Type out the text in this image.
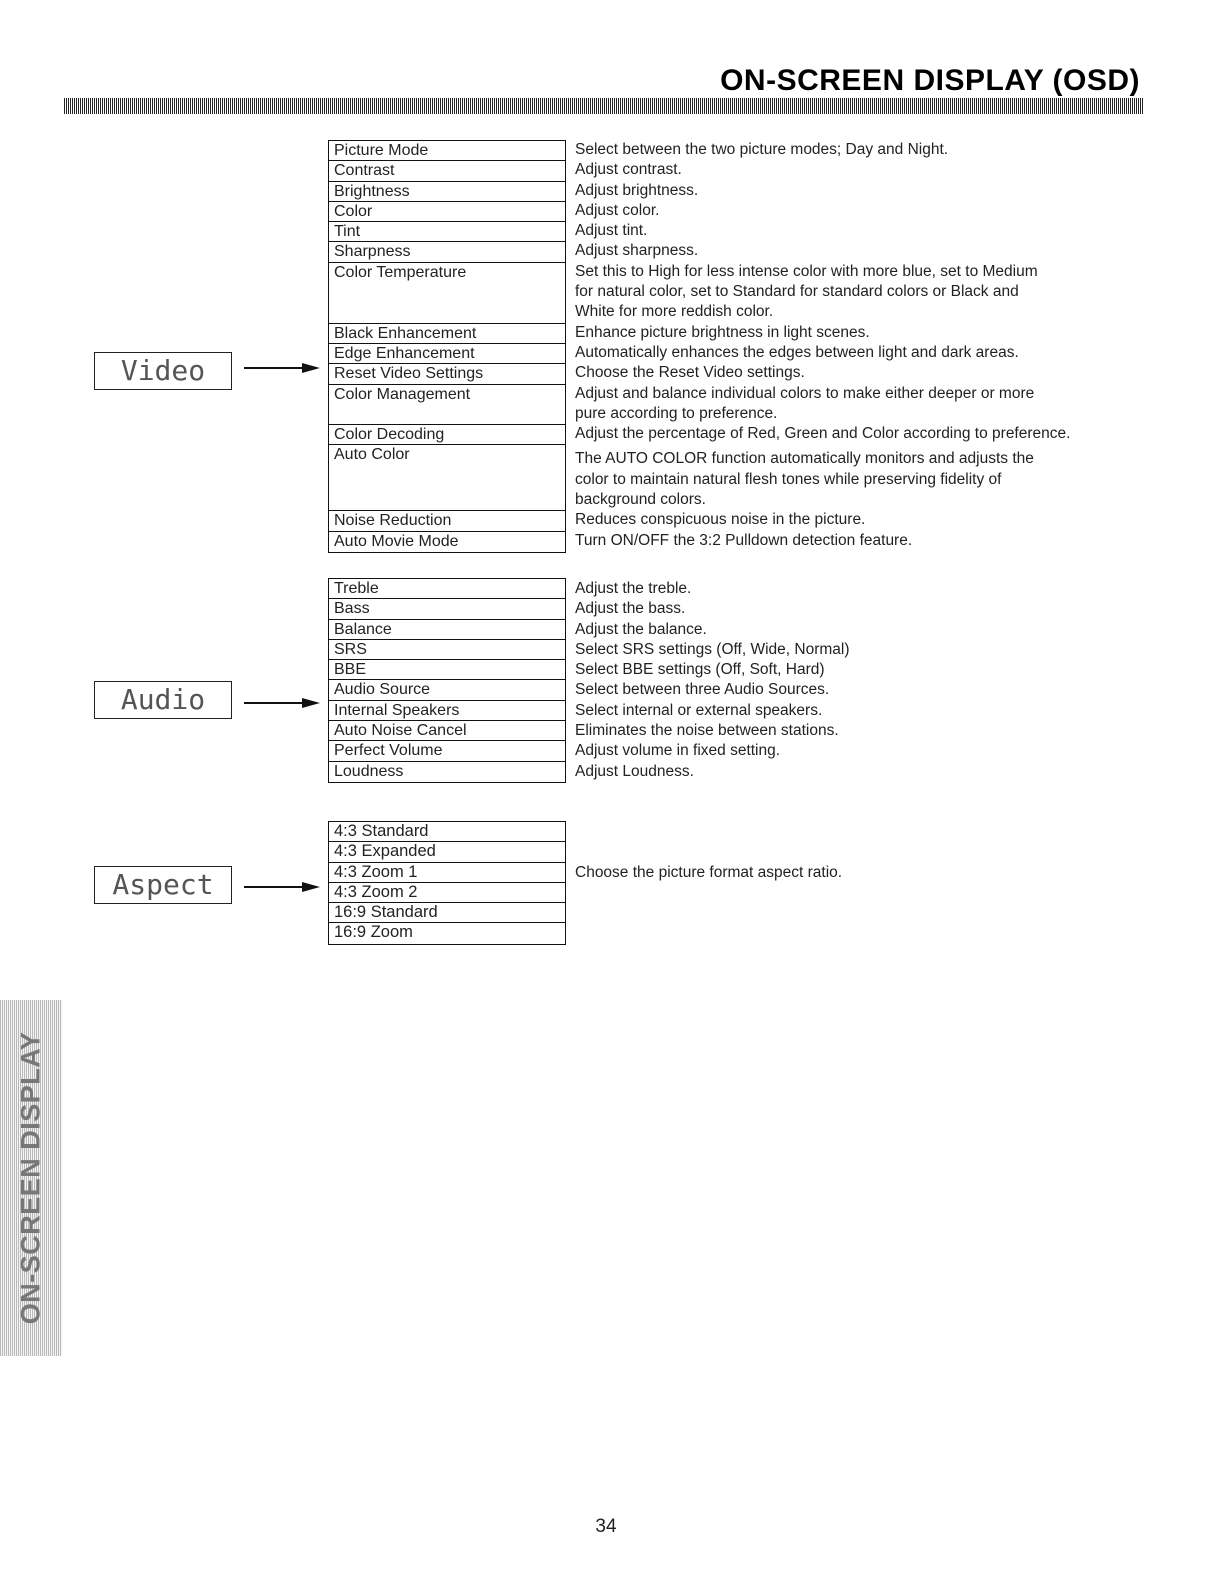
ON-SCREEN DISPLAY (OSD)
Video
Picture Mode
Contrast
Brightness
Color
Tint
Sharpness
Color Temperature
Black Enhancement
Edge Enhancement
Reset Video Settings
Color Management
Color Decoding
Auto Color
Noise Reduction
Auto Movie Mode
Select between the two picture modes; Day and Night.
Adjust contrast.
Adjust brightness.
Adjust color.
Adjust tint.
Adjust sharpness.
Set this to High for less intense color with more blue, set to Medium
for natural color, set to Standard for standard colors or Black and
White for more reddish color.
Enhance picture brightness in light scenes.
Automatically enhances the edges between light and dark areas.
Choose the Reset Video settings.
Adjust and balance individual colors to make either deeper or more
pure according to preference.
Adjust the percentage of Red, Green and Color according to preference.
The AUTO COLOR function automatically monitors and adjusts the
color to maintain natural flesh tones while preserving fidelity of
background colors.
Reduces conspicuous noise in the picture.
Turn ON/OFF the 3:2 Pulldown detection feature.
Audio
Treble
Bass
Balance
SRS
BBE
Audio Source
Internal Speakers
Auto Noise Cancel
Perfect Volume
Loudness
Adjust the treble.
Adjust the bass.
Adjust the balance.
Select SRS settings (Off, Wide, Normal)
Select BBE settings (Off, Soft, Hard)
Select between three Audio Sources.
Select internal or external speakers.
Eliminates the noise between stations.
Adjust volume in fixed setting.
Adjust Loudness.
Aspect
4:3 Standard
4:3 Expanded
4:3 Zoom 1
4:3 Zoom 2
16:9 Standard
16:9 Zoom
Choose the picture format aspect ratio.
ON-SCREEN DISPLAY
34
